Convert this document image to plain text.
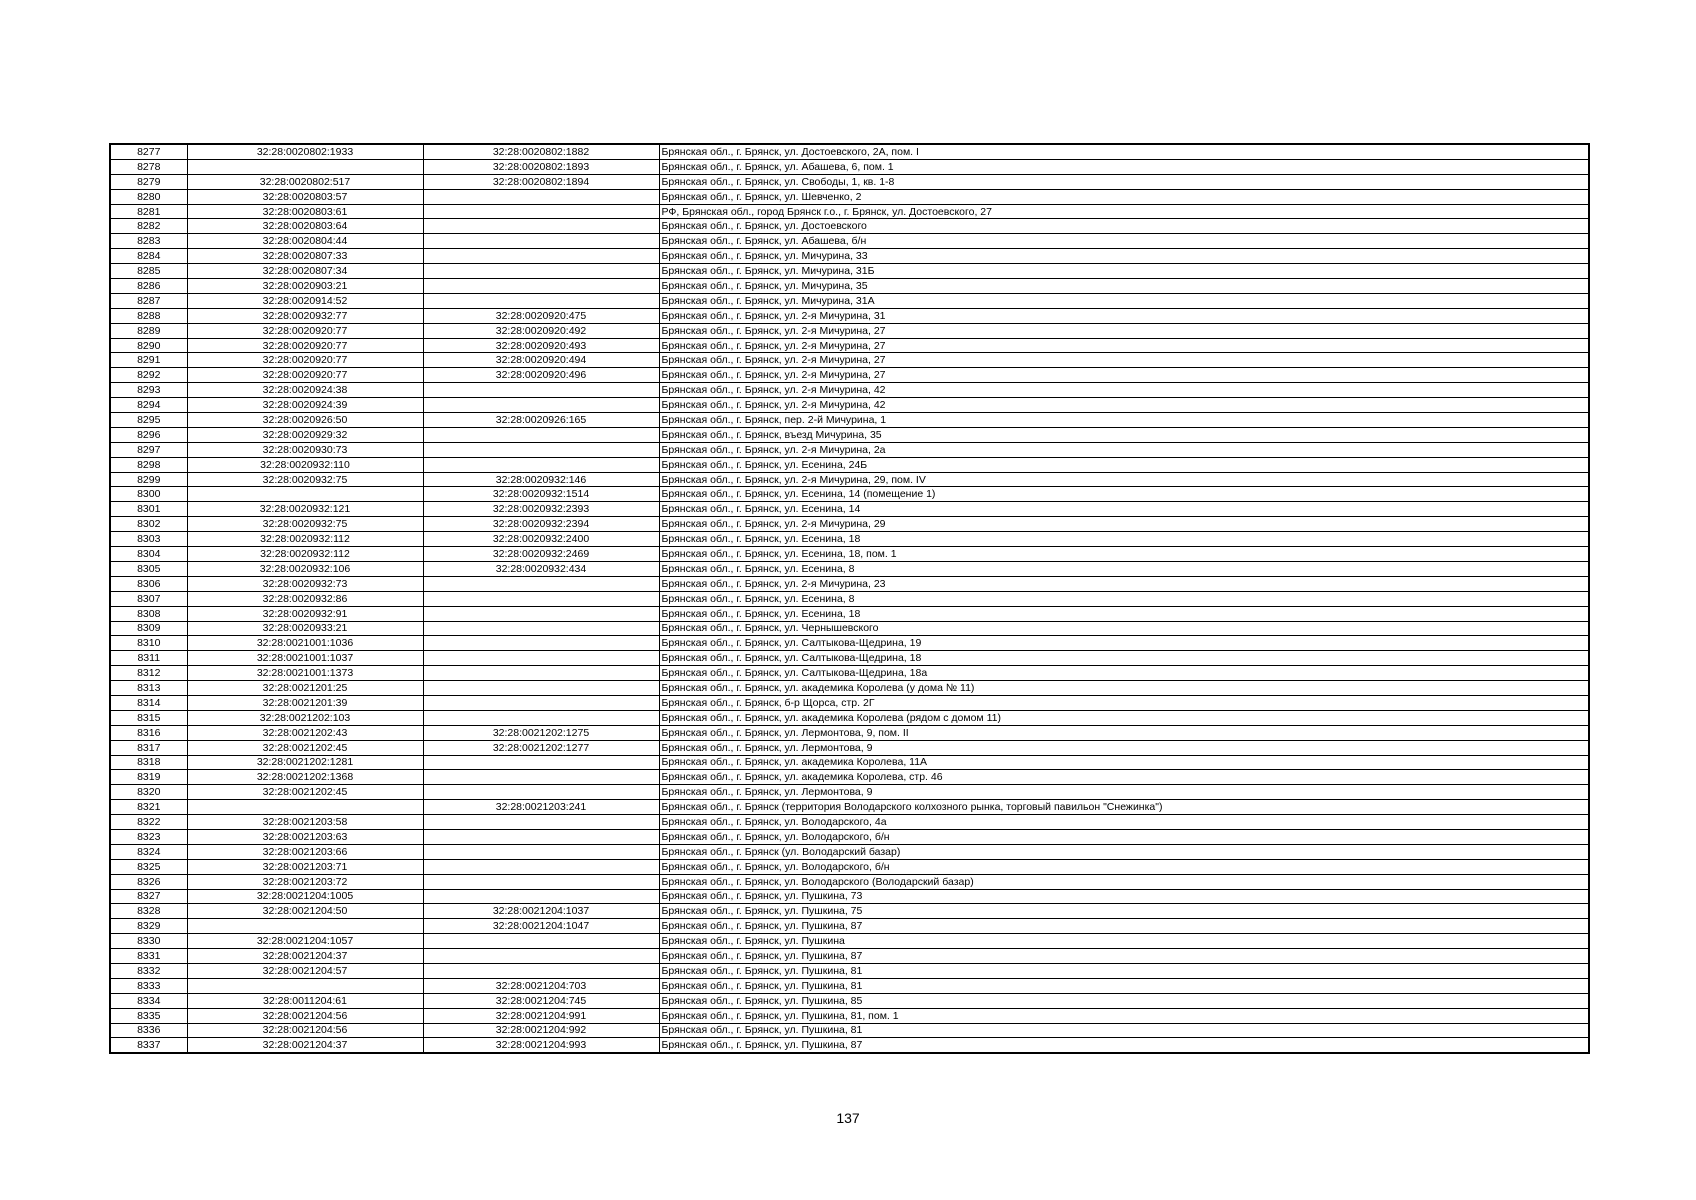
8277	32:28:0020802:1933	32:28:0020802:1882	Брянская обл., г. Брянск, ул. Достоевского, 2А, пом. I
8278		32:28:0020802:1893	Брянская обл., г. Брянск, ул. Абашева, 6, пом. 1
8279	32:28:0020802:517	32:28:0020802:1894	Брянская обл., г. Брянск, ул. Свободы, 1, кв. 1-8
8280	32:28:0020803:57		Брянская обл., г. Брянск, ул. Шевченко, 2
8281	32:28:0020803:61		РФ, Брянская обл., город Брянск г.о., г. Брянск, ул. Достоевского, 27
8282	32:28:0020803:64		Брянская обл., г. Брянск, ул. Достоевского
8283	32:28:0020804:44		Брянская обл., г. Брянск, ул. Абашева, б/н
8284	32:28:0020807:33		Брянская обл., г. Брянск, ул. Мичурина, 33
8285	32:28:0020807:34		Брянская обл., г. Брянск, ул. Мичурина, 31Б
8286	32:28:0020903:21		Брянская обл., г. Брянск, ул. Мичурина, 35
8287	32:28:0020914:52		Брянская обл., г. Брянск, ул. Мичурина, 31А
8288	32:28:0020932:77	32:28:0020920:475	Брянская обл., г. Брянск, ул. 2-я Мичурина, 31
8289	32:28:0020920:77	32:28:0020920:492	Брянская обл., г. Брянск, ул. 2-я Мичурина, 27
8290	32:28:0020920:77	32:28:0020920:493	Брянская обл., г. Брянск, ул. 2-я Мичурина, 27
8291	32:28:0020920:77	32:28:0020920:494	Брянская обл., г. Брянск, ул. 2-я Мичурина, 27
8292	32:28:0020920:77	32:28:0020920:496	Брянская обл., г. Брянск, ул. 2-я Мичурина, 27
8293	32:28:0020924:38		Брянская обл., г. Брянск, ул. 2-я Мичурина, 42
8294	32:28:0020924:39		Брянская обл., г. Брянск, ул. 2-я Мичурина, 42
8295	32:28:0020926:50	32:28:0020926:165	Брянская обл., г. Брянск, пер. 2-й Мичурина, 1
8296	32:28:0020929:32		Брянская обл., г. Брянск, въезд Мичурина, 35
8297	32:28:0020930:73		Брянская обл., г. Брянск, ул. 2-я Мичурина, 2а
8298	32:28:0020932:110		Брянская обл., г. Брянск, ул. Есенина, 24Б
8299	32:28:0020932:75	32:28:0020932:146	Брянская обл., г. Брянск, ул. 2-я Мичурина, 29, пом. IV
8300		32:28:0020932:1514	Брянская обл., г. Брянск, ул. Есенина, 14 (помещение 1)
8301	32:28:0020932:121	32:28:0020932:2393	Брянская обл., г. Брянск, ул. Есенина, 14
8302	32:28:0020932:75	32:28:0020932:2394	Брянская обл., г. Брянск, ул. 2-я Мичурина, 29
8303	32:28:0020932:112	32:28:0020932:2400	Брянская обл., г. Брянск, ул. Есенина, 18
8304	32:28:0020932:112	32:28:0020932:2469	Брянская обл., г. Брянск, ул. Есенина, 18, пом. 1
8305	32:28:0020932:106	32:28:0020932:434	Брянская обл., г. Брянск, ул. Есенина, 8
8306	32:28:0020932:73		Брянская обл., г. Брянск, ул. 2-я Мичурина, 23
8307	32:28:0020932:86		Брянская обл., г. Брянск, ул. Есенина, 8
8308	32:28:0020932:91		Брянская обл., г. Брянск, ул. Есенина, 18
8309	32:28:0020933:21		Брянская обл., г. Брянск, ул. Чернышевского
8310	32:28:0021001:1036		Брянская обл., г. Брянск, ул. Салтыкова-Щедрина, 19
8311	32:28:0021001:1037		Брянская обл., г. Брянск, ул. Салтыкова-Щедрина, 18
8312	32:28:0021001:1373		Брянская обл., г. Брянск, ул. Салтыкова-Щедрина, 18а
8313	32:28:0021201:25		Брянская обл., г. Брянск, ул. академика Королева (у дома № 11)
8314	32:28:0021201:39		Брянская обл., г. Брянск, б-р Щорса, стр. 2Г
8315	32:28:0021202:103		Брянская обл., г. Брянск, ул. академика Королева (рядом с домом 11)
8316	32:28:0021202:43	32:28:0021202:1275	Брянская обл., г. Брянск, ул. Лермонтова, 9, пом. II
8317	32:28:0021202:45	32:28:0021202:1277	Брянская обл., г. Брянск, ул. Лермонтова, 9
8318	32:28:0021202:1281		Брянская обл., г. Брянск, ул. академика Королева, 11А
8319	32:28:0021202:1368		Брянская обл., г. Брянск, ул. академика Королева, стр. 46
8320	32:28:0021202:45		Брянская обл., г. Брянск, ул. Лермонтова, 9
8321		32:28:0021203:241	Брянская обл., г. Брянск (территория Володарского колхозного рынка, торговый павильон "Снежинка")
8322	32:28:0021203:58		Брянская обл., г. Брянск, ул. Володарского, 4а
8323	32:28:0021203:63		Брянская обл., г. Брянск, ул. Володарского, б/н
8324	32:28:0021203:66		Брянская обл., г. Брянск (ул. Володарский базар)
8325	32:28:0021203:71		Брянская обл., г. Брянск, ул. Володарского, б/н
8326	32:28:0021203:72		Брянская обл., г. Брянск, ул. Володарского (Володарский базар)
8327	32:28:0021204:1005		Брянская обл., г. Брянск, ул. Пушкина, 73
8328	32:28:0021204:50	32:28:0021204:1037	Брянская обл., г. Брянск, ул. Пушкина, 75
8329		32:28:0021204:1047	Брянская обл., г. Брянск, ул. Пушкина, 87
8330	32:28:0021204:1057		Брянская обл., г. Брянск, ул. Пушкина
8331	32:28:0021204:37		Брянская обл., г. Брянск, ул. Пушкина, 87
8332	32:28:0021204:57		Брянская обл., г. Брянск, ул. Пушкина, 81
8333		32:28:0021204:703	Брянская обл., г. Брянск, ул. Пушкина, 81
8334	32:28:0011204:61	32:28:0021204:745	Брянская обл., г. Брянск, ул. Пушкина, 85
8335	32:28:0021204:56	32:28:0021204:991	Брянская обл., г. Брянск, ул. Пушкина, 81, пом. 1
8336	32:28:0021204:56	32:28:0021204:992	Брянская обл., г. Брянск, ул. Пушкина, 81
8337	32:28:0021204:37	32:28:0021204:993	Брянская обл., г. Брянск, ул. Пушкина, 87
137
